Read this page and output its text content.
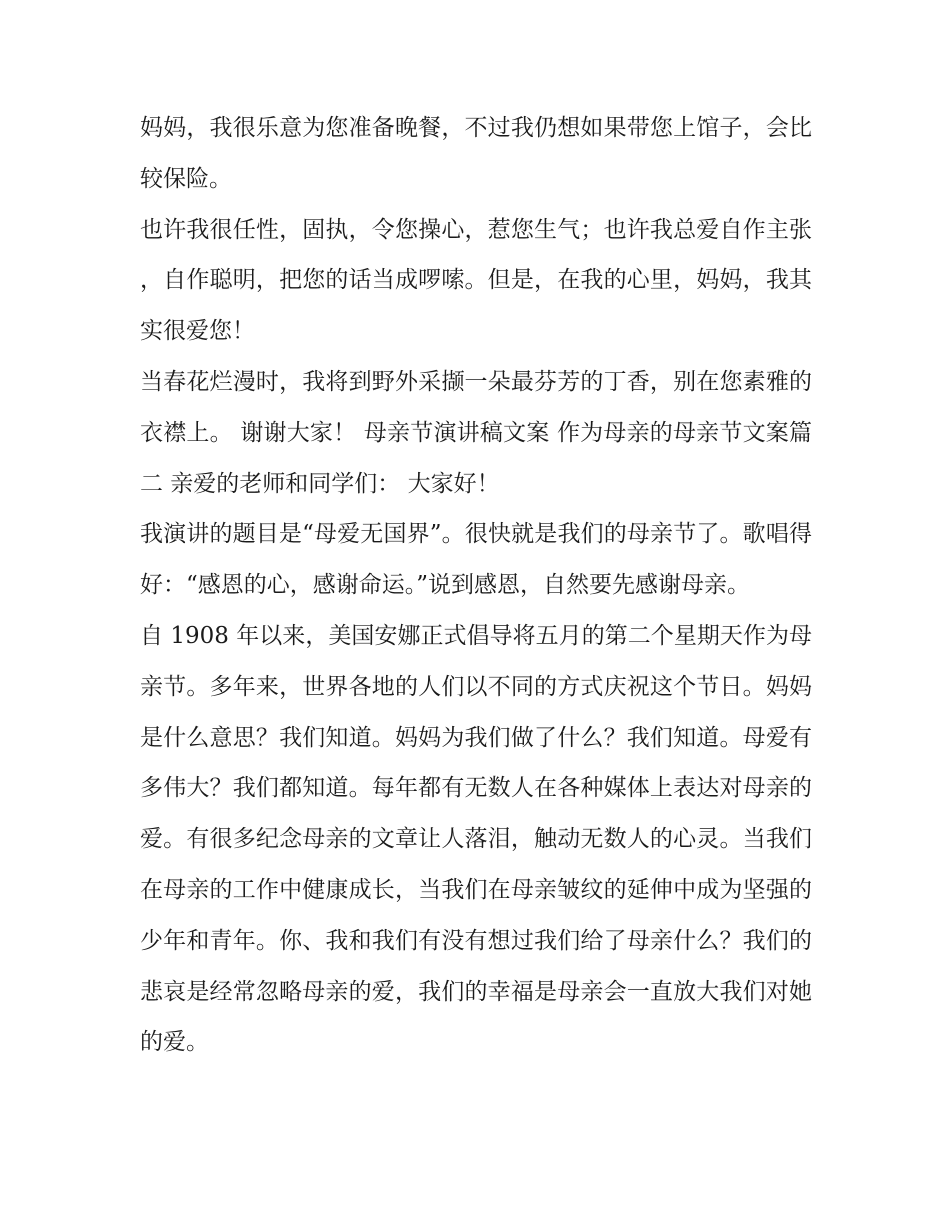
妈妈，我很乐意为您准备晚餐，不过我仍想如果带您上馆子，会比较保险。

也许我很任性，固执，令您操心，惹您生气；也许我总爱自作主张，自作聪明，把您的话当成啰嗦。但是，在我的心里，妈妈，我其实很爱您！

当春花烂漫时，我将到野外采撷一朵最芬芳的丁香，别在您素雅的衣襟上。 谢谢大家！ 母亲节演讲稿文案 作为母亲的母亲节文案篇二 亲爱的老师和同学们： 大家好！

我演讲的题目是“母爱无国界”。很快就是我们的母亲节了。歌唱得好：“感恩的心，感谢命运。”说到感恩，自然要先感谢母亲。

自 1908 年以来，美国安娜正式倡导将五月的第二个星期天作为母亲节。多年来，世界各地的人们以不同的方式庆祝这个节日。妈妈是什么意思？我们知道。妈妈为我们做了什么？我们知道。母爱有多伟大？我们都知道。每年都有无数人在各种媒体上表达对母亲的爱。有很多纪念母亲的文章让人落泪，触动无数人的心灵。当我们在母亲的工作中健康成长，当我们在母亲皱纹的延伸中成为坚强的少年和青年。你、我和我们有没有想过我们给了母亲什么？我们的悲哀是经常忽略母亲的爱，我们的幸福是母亲会一直放大我们对她的爱。
